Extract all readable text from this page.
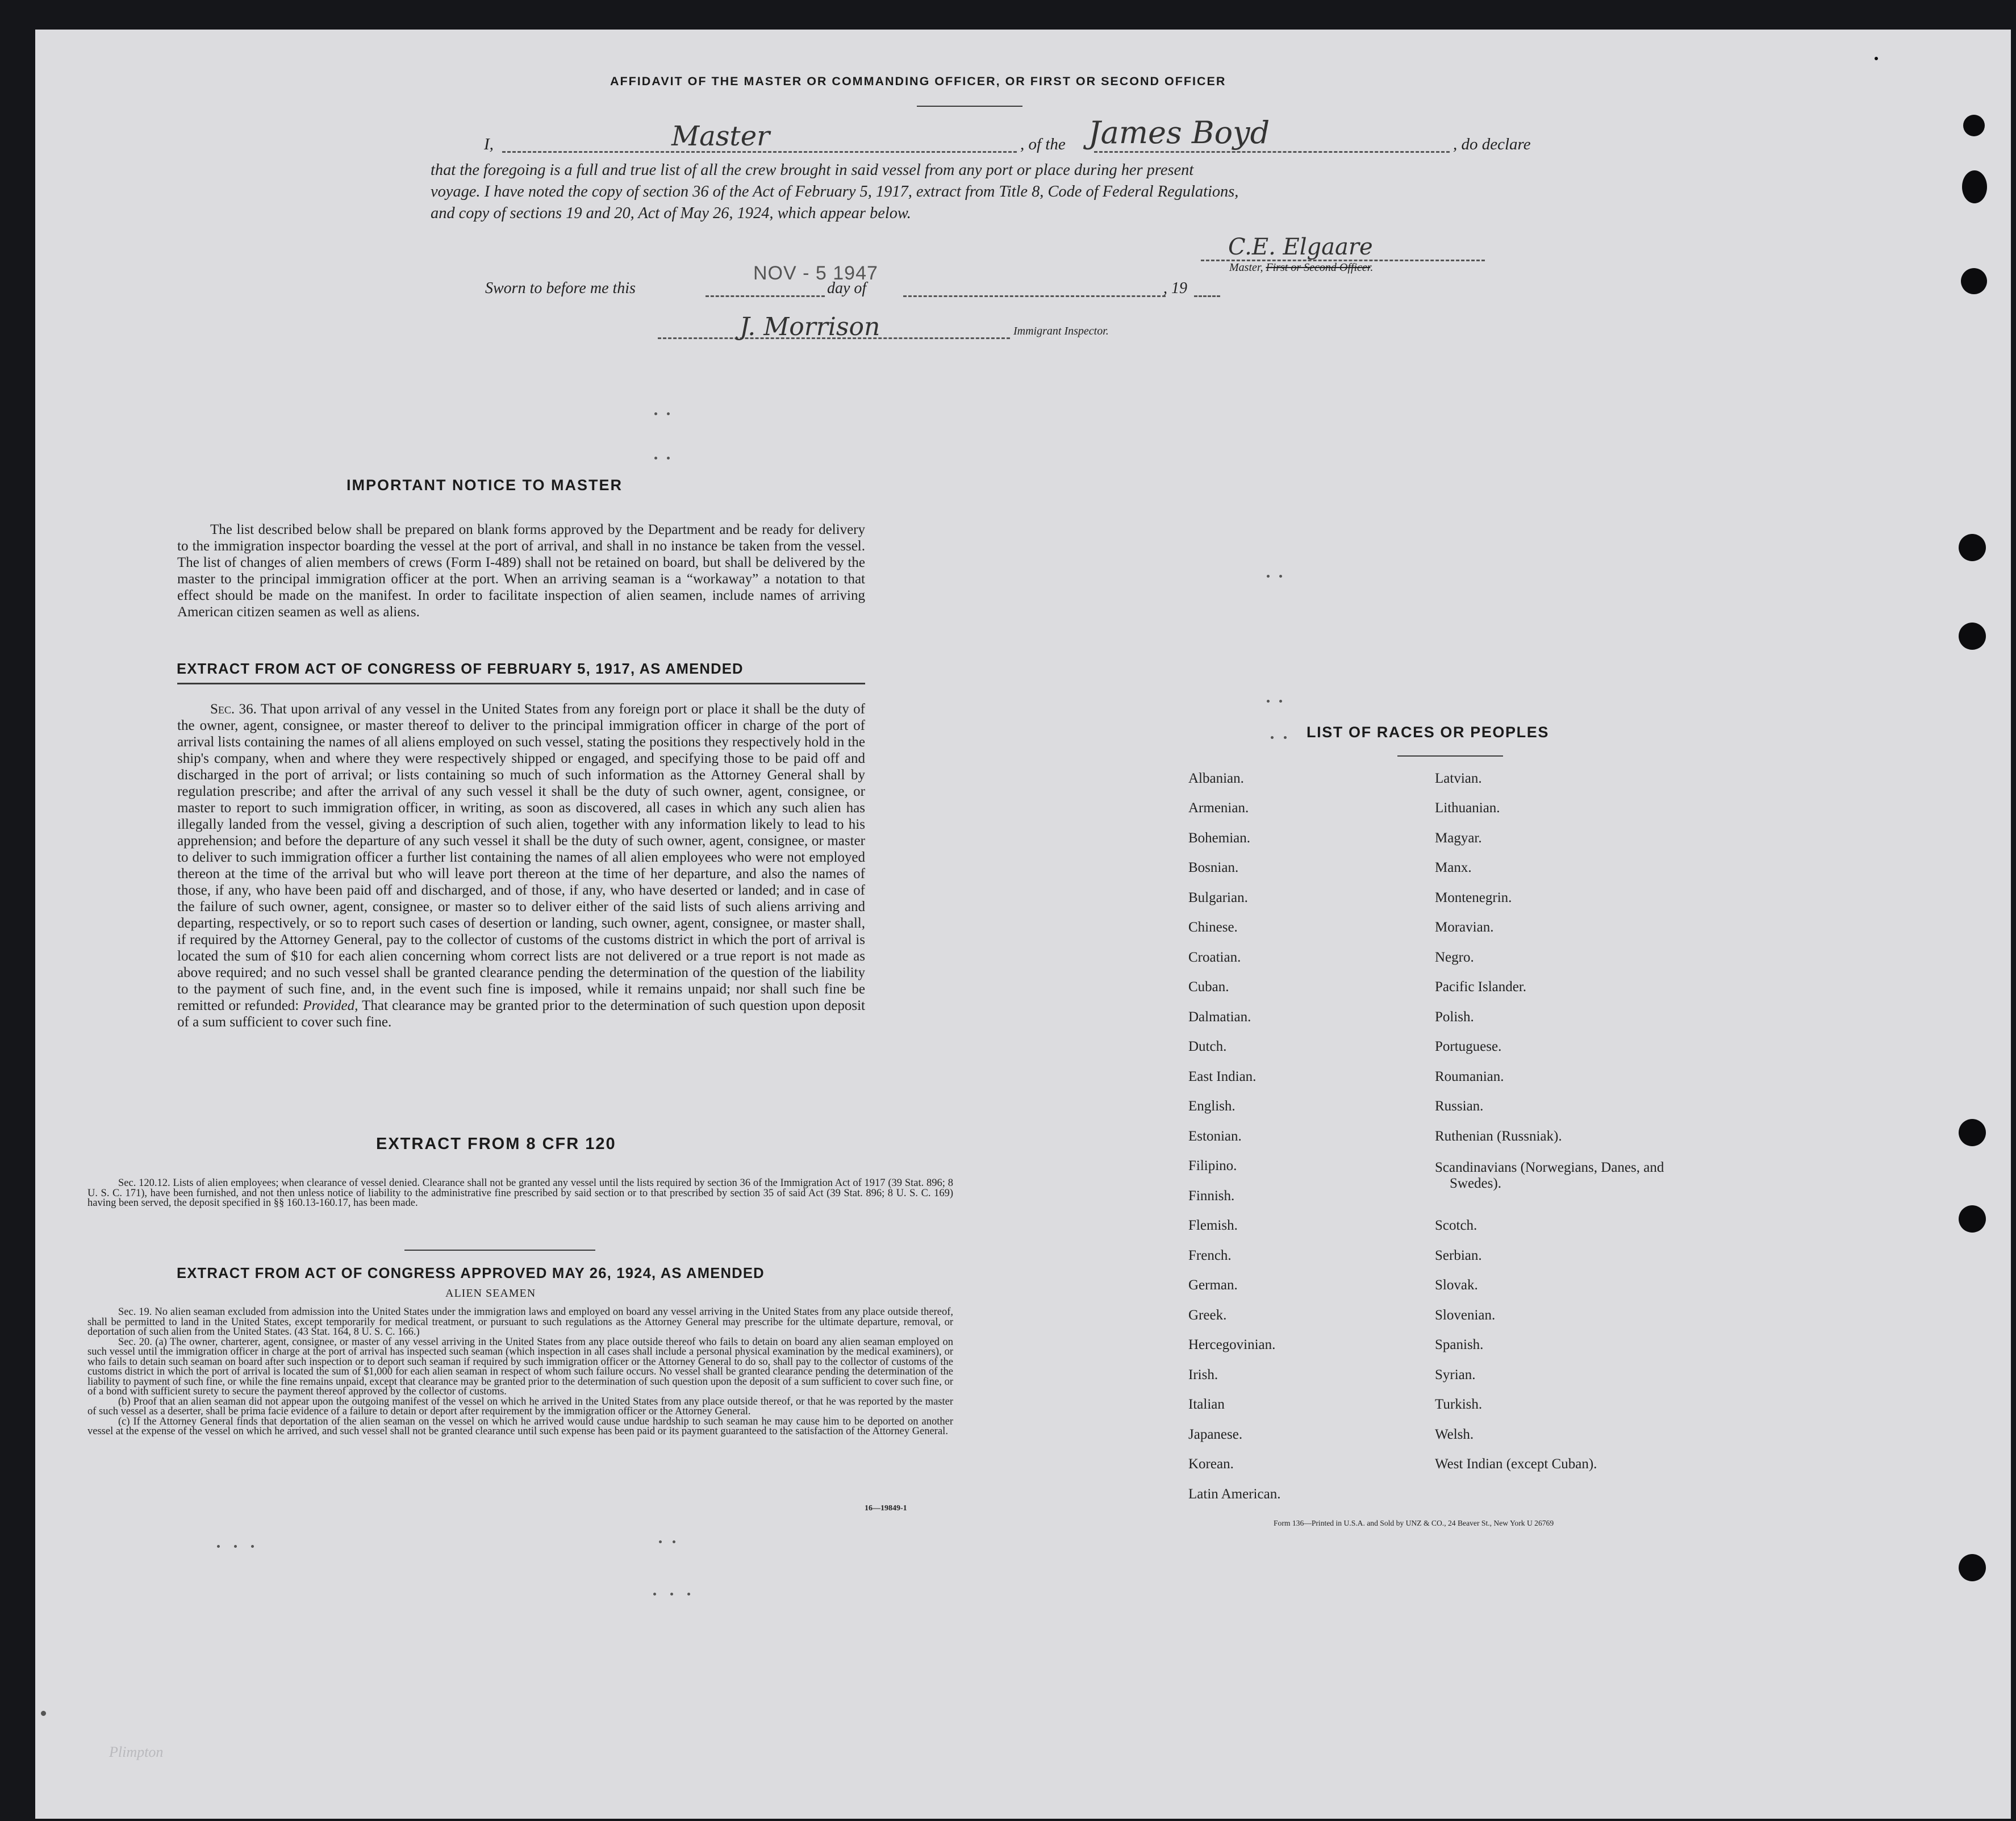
AFFIDAVIT OF THE MASTER OR COMMANDING OFFICER, OR FIRST OR SECOND OFFICER
I,	Master	, of the James Boyd	, do declare
that the foregoing is a full and true list of all the crew brought in said vessel from any port or place during her present
voyage. I have noted the copy of section 36 of the Act of February 5, 1917, extract from Title 8, Code of Federal Regulations,
and copy of sections 19 and 20, Act of May 26, 1924, which appear below.
C.E. Elgaare
Master, First or Second Officer.
Sworn to before me this
NOV - 5 1947
day of	, 19
J. Morrison	Immigrant Inspector.
IMPORTANT NOTICE TO MASTER
The list described below shall be prepared on blank forms approved by the Department and be ready for delivery to the immigration inspector boarding the vessel at the port of arrival, and shall in no instance be taken from the vessel. The list of changes of alien members of crews (Form I-489) shall not be retained on board, but shall be delivered by the master to the principal immigration officer at the port. When an arriving seaman is a “workaway” a notation to that effect should be made on the manifest. In order to facilitate inspection of alien seamen, include names of arriving American citizen seamen as well as aliens.
EXTRACT FROM ACT OF CONGRESS OF FEBRUARY 5, 1917, AS AMENDED
Sec. 36. That upon arrival of any vessel in the United States from any foreign port or place it shall be the duty of the owner, agent, consignee, or master thereof to deliver to the principal immigration officer in charge of the port of arrival lists containing the names of all aliens employed on such vessel, stating the positions they respectively hold in the ship's company, when and where they were respectively shipped or engaged, and specifying those to be paid off and discharged in the port of arrival; or lists containing so much of such information as the Attorney General shall by regulation prescribe; and after the arrival of any such vessel it shall be the duty of such owner, agent, consignee, or master to report to such immigration officer, in writing, as soon as discovered, all cases in which any such alien has illegally landed from the vessel, giving a description of such alien, together with any information likely to lead to his apprehension; and before the departure of any such vessel it shall be the duty of such owner, agent, consignee, or master to deliver to such immigration officer a further list containing the names of all alien employees who were not employed thereon at the time of the arrival but who will leave port thereon at the time of her departure, and also the names of those, if any, who have been paid off and discharged, and of those, if any, who have deserted or landed; and in case of the failure of such owner, agent, consignee, or master so to deliver either of the said lists of such aliens arriving and departing, respectively, or so to report such cases of desertion or landing, such owner, agent, consignee, or master shall, if required by the Attorney General, pay to the collector of customs of the customs district in which the port of arrival is located the sum of $10 for each alien concerning whom correct lists are not delivered or a true report is not made as above required; and no such vessel shall be granted clearance pending the determination of the question of the liability to the payment of such fine, and, in the event such fine is imposed, while it remains unpaid; nor shall such fine be remitted or refunded: Provided, That clearance may be granted prior to the determination of such question upon deposit of a sum sufficient to cover such fine.
EXTRACT FROM 8 CFR 120
Sec. 120.12. Lists of alien employees; when clearance of vessel denied. Clearance shall not be granted any vessel until the lists required by section 36 of the Immigration Act of 1917 (39 Stat. 896; 8 U. S. C. 171), have been furnished, and not then unless notice of liability to the administrative fine prescribed by said section or to that prescribed by section 35 of said Act (39 Stat. 896; 8 U. S. C. 169) having been served, the deposit specified in §§ 160.13-160.17, has been made.
EXTRACT FROM ACT OF CONGRESS APPROVED MAY 26, 1924, AS AMENDED
ALIEN SEAMEN

Sec. 19. No alien seaman excluded from admission into the United States under the immigration laws and employed on board any vessel arriving in the United States from any place outside thereof, shall be permitted to land in the United States, except temporarily for medical treatment, or pursuant to such regulations as the Attorney General may prescribe for the ultimate departure, removal, or deportation of such alien from the United States. (43 Stat. 164, 8 U. S. C. 166.)

Sec. 20. (a) The owner, charterer, agent, consignee, or master of any vessel arriving in the United States from any place outside thereof who fails to detain on board any alien seaman employed on such vessel until the immigration officer in charge at the port of arrival has inspected such seaman (which inspection in all cases shall include a personal physical examination by the medical examiners), or who fails to detain such seaman on board after such inspection or to deport such seaman if required by such immigration officer or the Attorney General to do so, shall pay to the collector of customs of the customs district in which the port of arrival is located the sum of $1,000 for each alien seaman in respect of whom such failure occurs. No vessel shall be granted clearance pending the determination of the liability to payment of such fine, or while the fine remains unpaid, except that clearance may be granted prior to the determination of such question upon the deposit of a sum sufficient to cover such fine, or of a bond with sufficient surety to secure the payment thereof approved by the collector of customs.

(b) Proof that an alien seaman did not appear upon the outgoing manifest of the vessel on which he arrived in the United States from any place outside thereof, or that he was reported by the master of such vessel as a deserter, shall be prima facie evidence of a failure to detain or deport after requirement by the immigration officer or the Attorney General.

(c) If the Attorney General finds that deportation of the alien seaman on the vessel on which he arrived would cause undue hardship to such seaman he may cause him to be deported on another vessel at the expense of the vessel on which he arrived, and such vessel shall not be granted clearance until such expense has been paid or its payment guaranteed to the satisfaction of the Attorney General.

16—19849-1
LIST OF RACES OR PEOPLES
Albanian.
Armenian.
Bohemian.
Bosnian.
Bulgarian.
Chinese.
Croatian.
Cuban.
Dalmatian.
Dutch.
East Indian.
English.
Estonian.
Filipino.
Finnish.
Flemish.
French.
German.
Greek.
Hercegovinian.
Irish.
Italian
Japanese.
Korean.
Latin American.
Latvian.
Lithuanian.
Magyar.
Manx.
Montenegrin.
Moravian.
Negro.
Pacific Islander.
Polish.
Portuguese.
Roumanian.
Russian.
Ruthenian (Russniak).
Scandinavians (Norwegians, Danes, and Swedes).
Scotch.
Serbian.
Slovak.
Slovenian.
Spanish.
Syrian.
Turkish.
Welsh.
West Indian (except Cuban).
Form 136—Printed in U.S.A. and Sold by UNZ & CO., 24 Beaver St., New York U 26769
Plimpton
